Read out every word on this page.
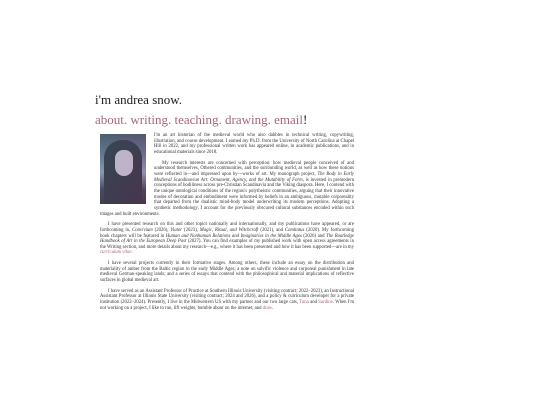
i'm andrea snow.
about. writing. teaching. drawing. email!

I'm an art historian of the medieval world who also dabbles in technical writing, copywriting, illustration, and course development. I earned my Ph.D. from the University of North Carolina at Chapel Hill in 2022, and my professional written work has appeared online, in academic publications, and in educational materials since 2018.

My research interests are concerned with perception: how medieval people conceived of and understood themselves, Othered communities, and the surrounding world, as well as how these notions were reflected in—and impressed upon by—works of art. My monograph project, The Body in Early Medieval Scandinavian Art: Ornament, Agency, and the Mutability of Form, is invested in premodern conceptions of bodiliness across pre-Christian Scandinavia and the Viking diaspora. Here, I contend with the unique ontological conditions of the region's polytheistic communities, arguing that their innovative modes of decoration and embodiment were informed by beliefs in an ambiguous, mutable corporeality that departed from the dualistic mind-body model underwriting its modern perceptions. Adopting a synthetic methodology, I account for the previously obscured cultural substances encoded within such images and built environments.

I have presented research on this and other topics nationally and internationally, and my publications have appeared, or are forthcoming in, Convivium (2026), Viator (2023), Magic, Ritual, and Witchcraft (2021), and Comitatus (2020). My forthcoming book chapters will be featured in Human and Nonhuman Relations and Imaginaries in the Middle Ages (2026) and The Routledge Handbook of Art in the European Deep Past (2027). You can find examples of my published work with open access agreements in the Writing section, and more details about my research—e.g., where it has been presented and how it has been supported—are in my curriculum vitae.

I have several projects currently in their formative stages. Among others, these include an essay on the distribution and materiality of amber from the Baltic region in the early Middle Ages; a note on salvific violence and corporeal punishment in late medieval German-speaking lands; and a series of essays that contend with the philosophical and material implications of reflective surfaces in global medieval art.

I have served as an Assistant Professor of Practice at Southern Illinois University (visiting contract; 2022–2023), an Instructional Assistant Professor at Illinois State University (visiting contract; 2024 and 2026), and a policy & curriculum developer for a private institution (2022–2024). Presently, I live in the Midwestern US with my partner and our two large cats, Tuna and Sardine. When I'm not working on a project, I like to run, lift weights, bumble about on the internet, and draw.
